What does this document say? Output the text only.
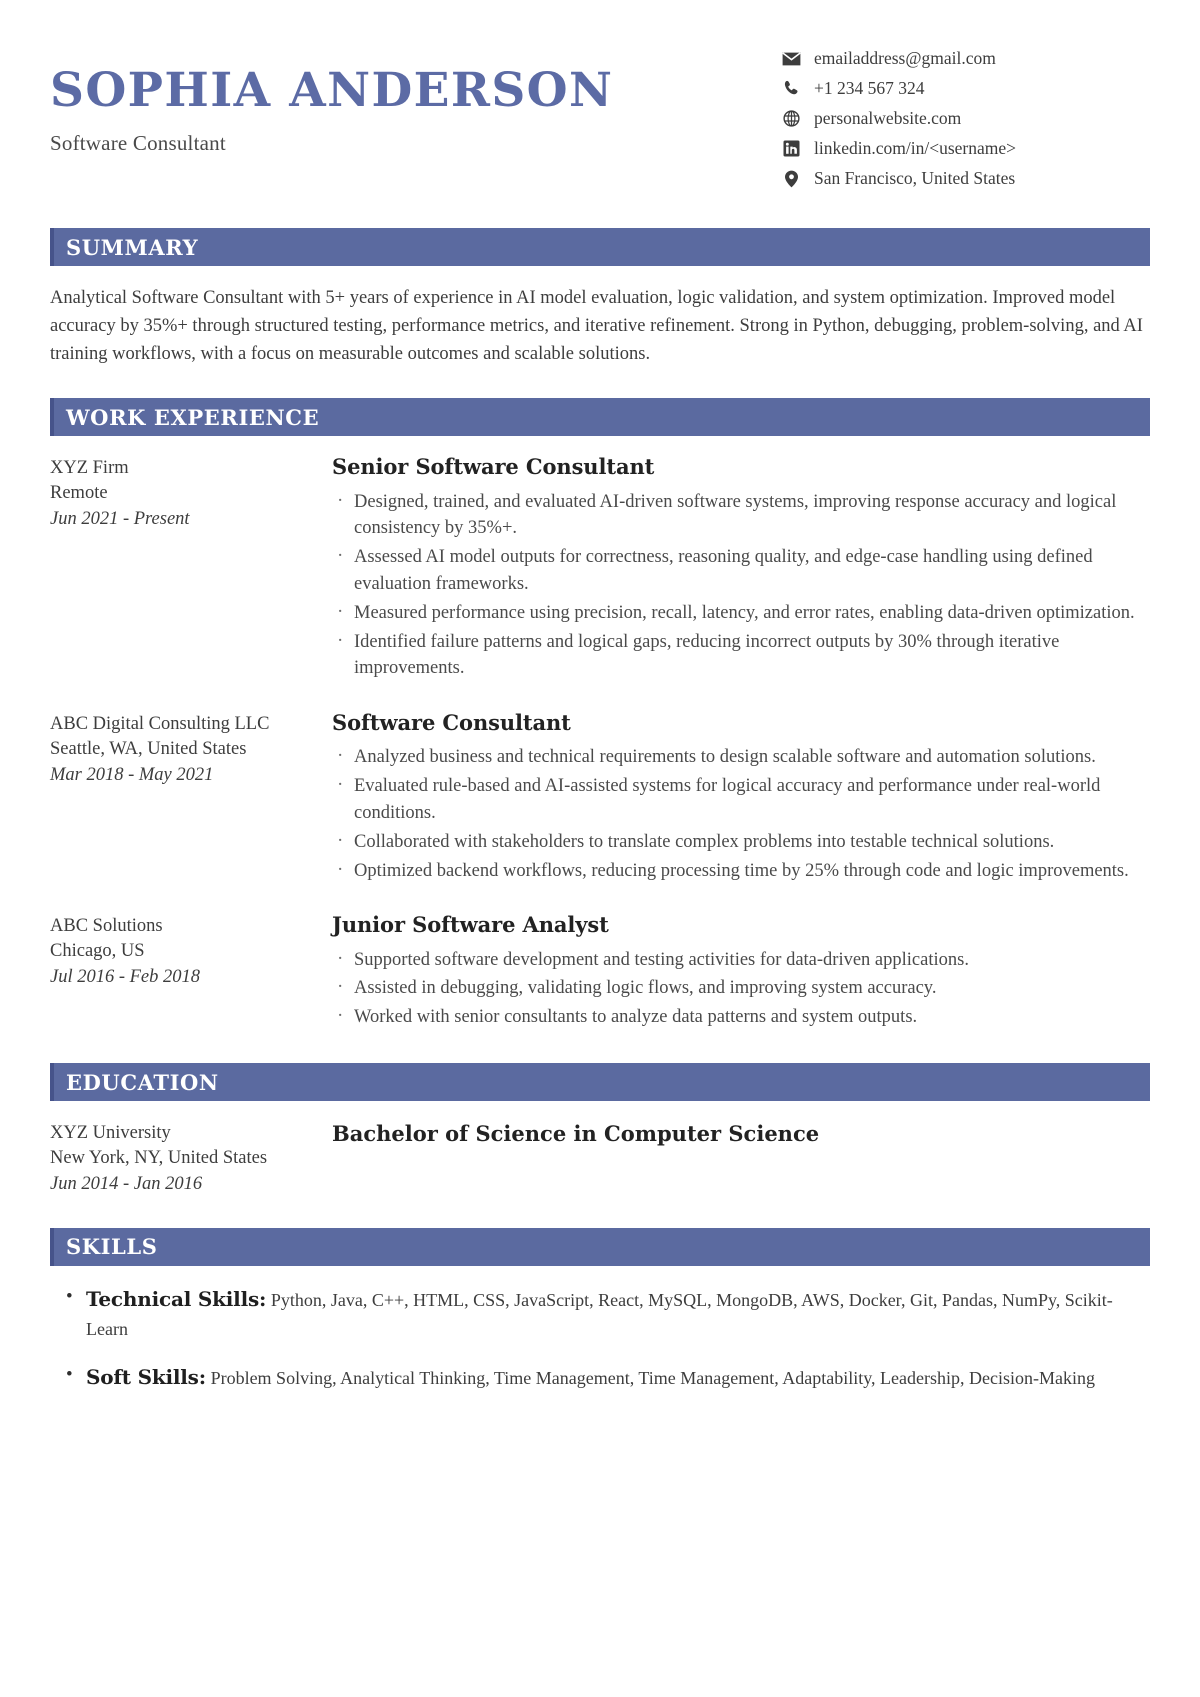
SOPHIA ANDERSON
Software Consultant
emailaddress@gmail.com
+1 234 567 324
personalwebsite.com
linkedin.com/in/<username>
San Francisco, United States
SUMMARY

Analytical Software Consultant with 5+ years of experience in AI model evaluation, logic validation, and system optimization. Improved model accuracy by 35%+ through structured testing, performance metrics, and iterative refinement. Strong in Python, debugging, problem-solving, and AI training workflows, with a focus on measurable outcomes and scalable solutions.

WORK EXPERIENCE
XYZ Firm
Remote
Jun 2021 - Present
Senior Software Consultant
· Designed, trained, and evaluated AI-driven software systems, improving response accuracy and logical consistency by 35%+.
· Assessed AI model outputs for correctness, reasoning quality, and edge-case handling using defined evaluation frameworks.
· Measured performance using precision, recall, latency, and error rates, enabling data-driven optimization.
· Identified failure patterns and logical gaps, reducing incorrect outputs by 30% through iterative improvements.
ABC Digital Consulting LLC
Seattle, WA, United States
Mar 2018 - May 2021
Software Consultant
· Analyzed business and technical requirements to design scalable software and automation solutions.
· Evaluated rule-based and AI-assisted systems for logical accuracy and performance under real-world conditions.
· Collaborated with stakeholders to translate complex problems into testable technical solutions.
· Optimized backend workflows, reducing processing time by 25% through code and logic improvements.
ABC Solutions
Chicago, US
Jul 2016 - Feb 2018
Junior Software Analyst
· Supported software development and testing activities for data-driven applications.
· Assisted in debugging, validating logic flows, and improving system accuracy.
· Worked with senior consultants to analyze data patterns and system outputs.
EDUCATION
XYZ University
New York, NY, United States
Jun 2014 - Jan 2016
Bachelor of Science in Computer Science
SKILLS
• Technical Skills: Python, Java, C++, HTML, CSS, JavaScript, React, MySQL, MongoDB, AWS, Docker, Git, Pandas, NumPy, Scikit-Learn
• Soft Skills: Problem Solving, Analytical Thinking, Time Management, Time Management, Adaptability, Leadership, Decision-Making
